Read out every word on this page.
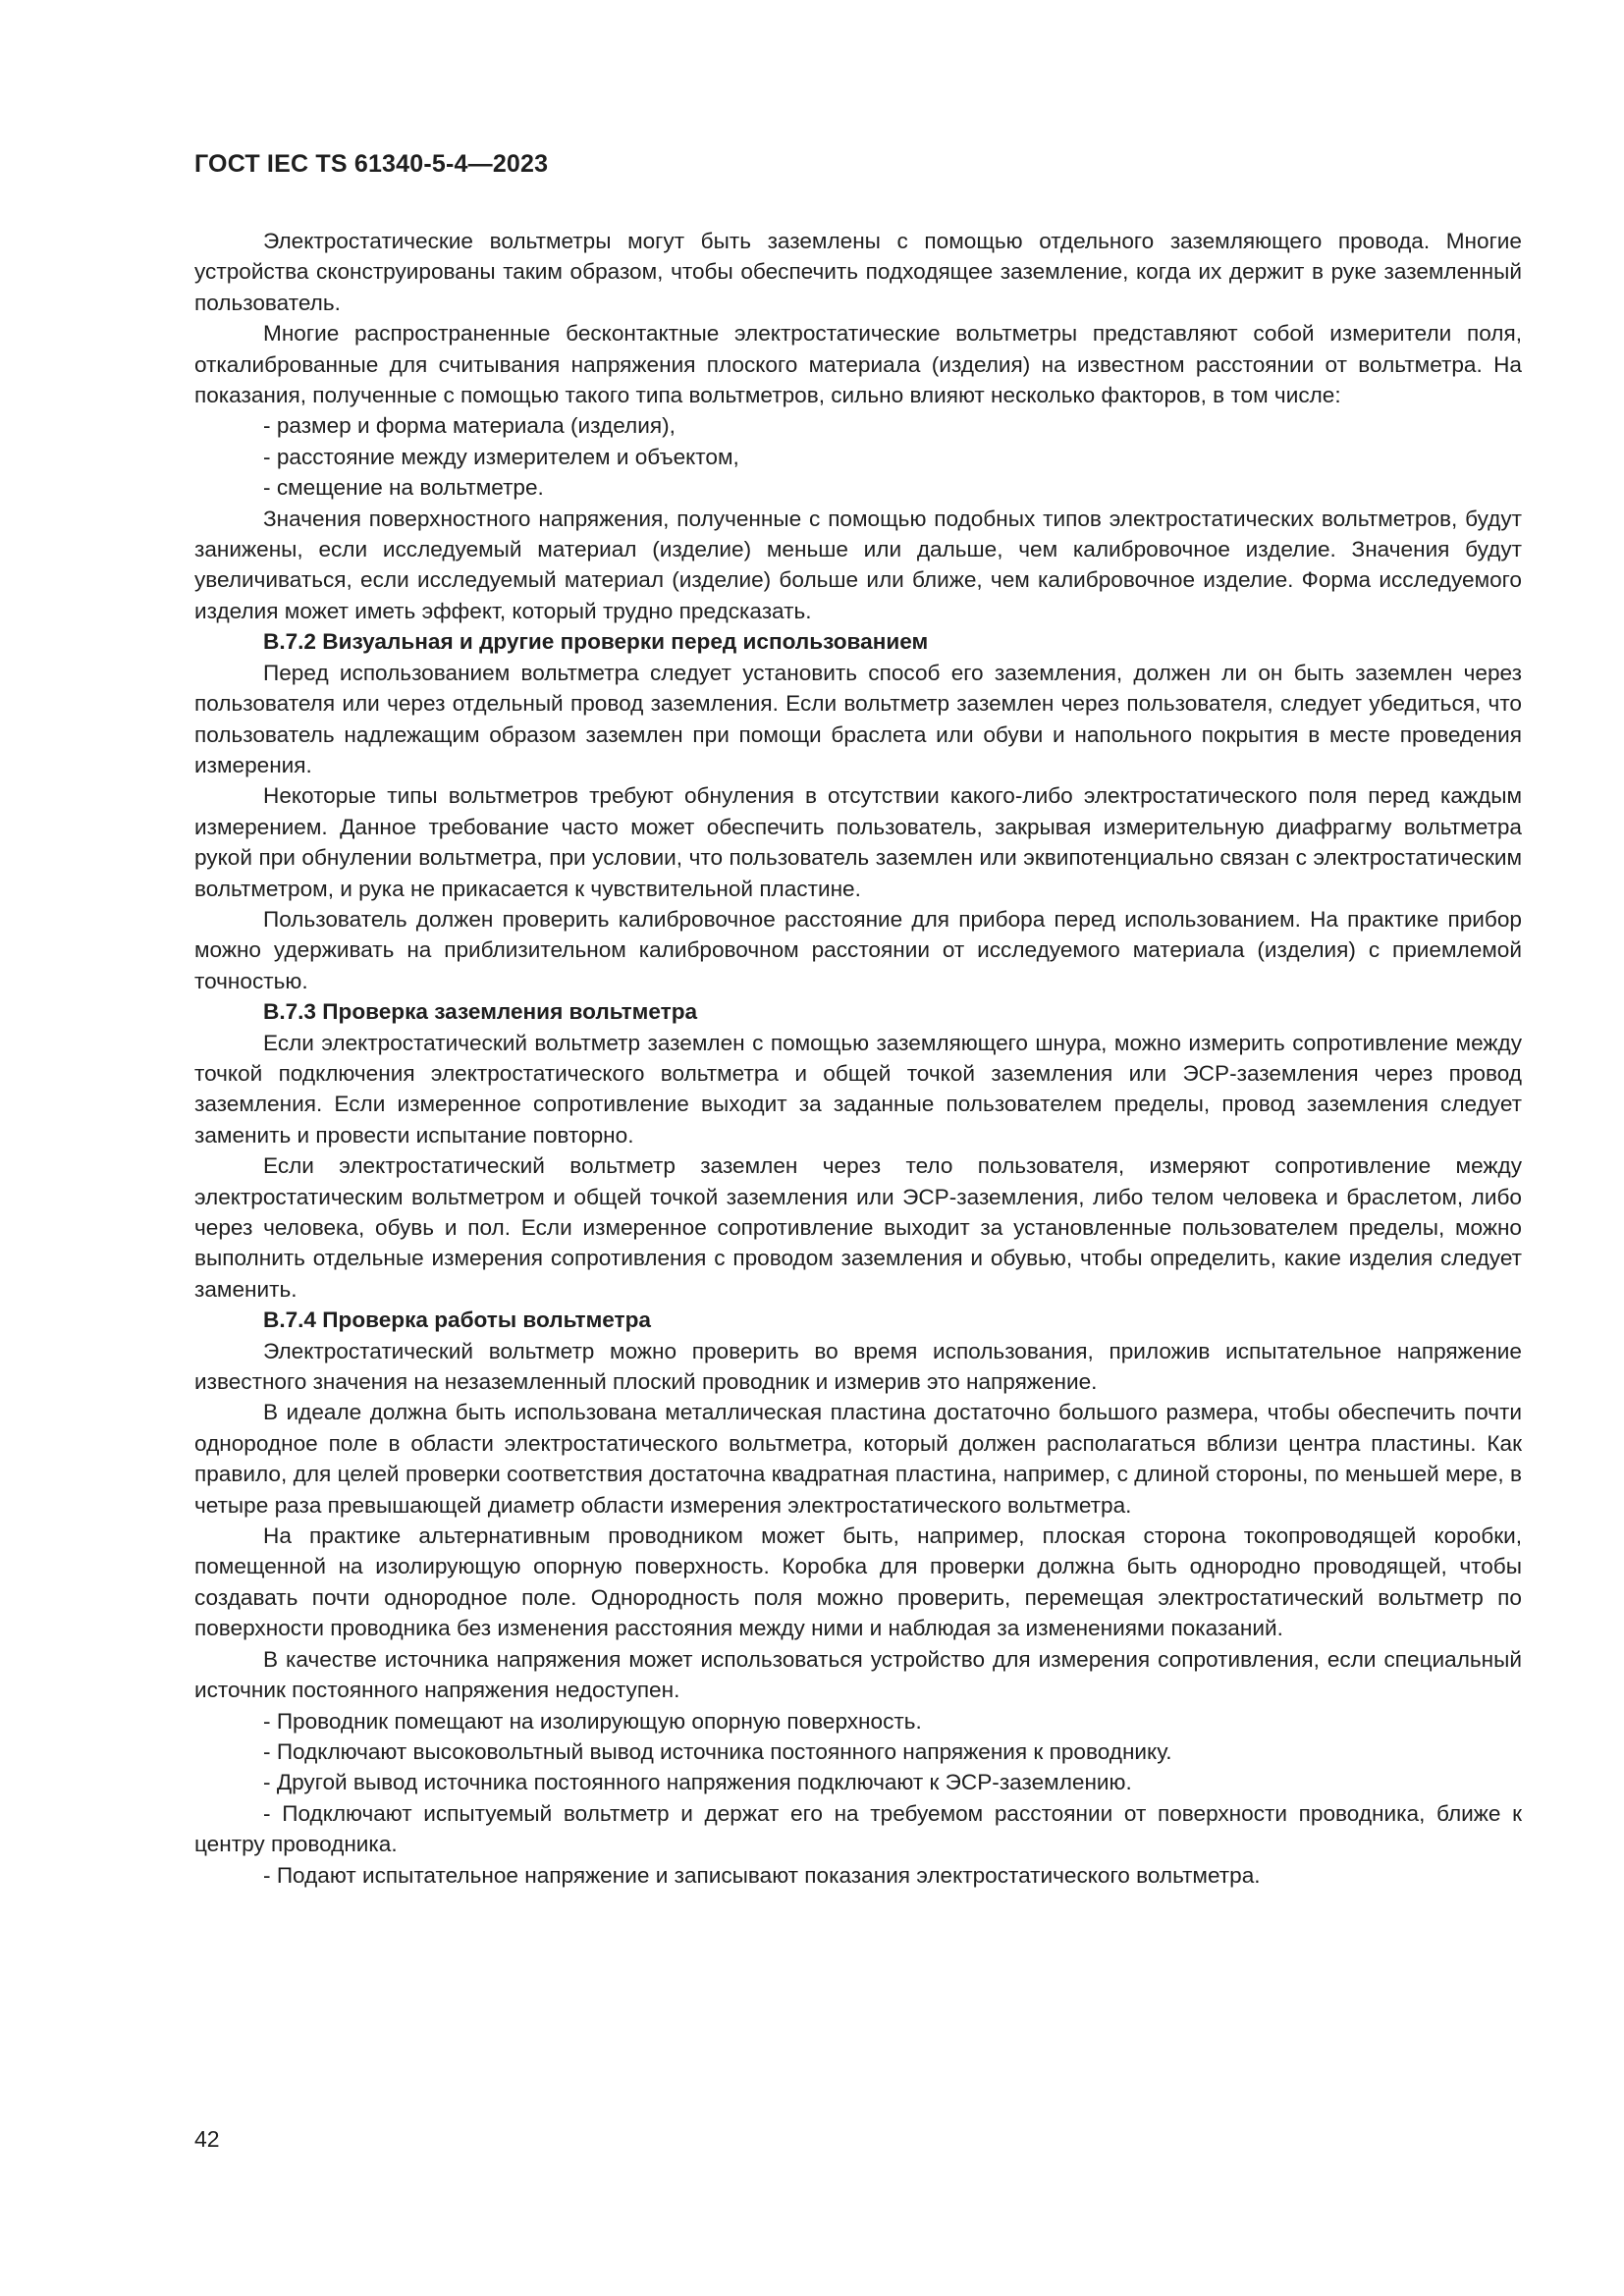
ГОСТ IEC TS 61340-5-4—2023

Электростатические вольтметры могут быть заземлены с помощью отдельного заземляющего провода. Многие устройства сконструированы таким образом, чтобы обеспечить подходящее заземление, когда их держит в руке заземленный пользователь.

Многие распространенные бесконтактные электростатические вольтметры представляют собой измерители поля, откалиброванные для считывания напряжения плоского материала (изделия) на известном расстоянии от вольтметра. На показания, полученные с помощью такого типа вольтметров, сильно влияют несколько факторов, в том числе:

- размер и форма материала (изделия),
- расстояние между измерителем и объектом,
- смещение на вольтметре.

Значения поверхностного напряжения, полученные с помощью подобных типов электростатических вольтметров, будут занижены, если исследуемый материал (изделие) меньше или дальше, чем калибровочное изделие. Значения будут увеличиваться, если исследуемый материал (изделие) больше или ближе, чем калибровочное изделие. Форма исследуемого изделия может иметь эффект, который трудно предсказать.

В.7.2 Визуальная и другие проверки перед использованием

Перед использованием вольтметра следует установить способ его заземления, должен ли он быть заземлен через пользователя или через отдельный провод заземления. Если вольтметр заземлен через пользователя, следует убедиться, что пользователь надлежащим образом заземлен при помощи браслета или обуви и напольного покрытия в месте проведения измерения.

Некоторые типы вольтметров требуют обнуления в отсутствии какого-либо электростатического поля перед каждым измерением. Данное требование часто может обеспечить пользователь, закрывая измерительную диафрагму вольтметра рукой при обнулении вольтметра, при условии, что пользователь заземлен или эквипотенциально связан с электростатическим вольтметром, и рука не прикасается к чувствительной пластине.

Пользователь должен проверить калибровочное расстояние для прибора перед использованием. На практике прибор можно удерживать на приблизительном калибровочном расстоянии от исследуемого материала (изделия) с приемлемой точностью.

В.7.3 Проверка заземления вольтметра

Если электростатический вольтметр заземлен с помощью заземляющего шнура, можно измерить сопротивление между точкой подключения электростатического вольтметра и общей точкой заземления или ЭСР-заземления через провод заземления. Если измеренное сопротивление выходит за заданные пользователем пределы, провод заземления следует заменить и провести испытание повторно.

Если электростатический вольтметр заземлен через тело пользователя, измеряют сопротивление между электростатическим вольтметром и общей точкой заземления или ЭСР-заземления, либо телом человека и браслетом, либо через человека, обувь и пол. Если измеренное сопротивление выходит за установленные пользователем пределы, можно выполнить отдельные измерения сопротивления с проводом заземления и обувью, чтобы определить, какие изделия следует заменить.

В.7.4 Проверка работы вольтметра

Электростатический вольтметр можно проверить во время использования, приложив испытательное напряжение известного значения на незаземленный плоский проводник и измерив это напряжение.

В идеале должна быть использована металлическая пластина достаточно большого размера, чтобы обеспечить почти однородное поле в области электростатического вольтметра, который должен располагаться вблизи центра пластины. Как правило, для целей проверки соответствия достаточна квадратная пластина, например, с длиной стороны, по меньшей мере, в четыре раза превышающей диаметр области измерения электростатического вольтметра.

На практике альтернативным проводником может быть, например, плоская сторона токопроводящей коробки, помещенной на изолирующую опорную поверхность. Коробка для проверки должна быть однородно проводящей, чтобы создавать почти однородное поле. Однородность поля можно проверить, перемещая электростатический вольтметр по поверхности проводника без изменения расстояния между ними и наблюдая за изменениями показаний.

В качестве источника напряжения может использоваться устройство для измерения сопротивления, если специальный источник постоянного напряжения недоступен.

- Проводник помещают на изолирующую опорную поверхность.
- Подключают высоковольтный вывод источника постоянного напряжения к проводнику.
- Другой вывод источника постоянного напряжения подключают к ЭСР-заземлению.
- Подключают испытуемый вольтметр и держат его на требуемом расстоянии от поверхности проводника, ближе к центру проводника.
- Подают испытательное напряжение и записывают показания электростатического вольтметра.
42
